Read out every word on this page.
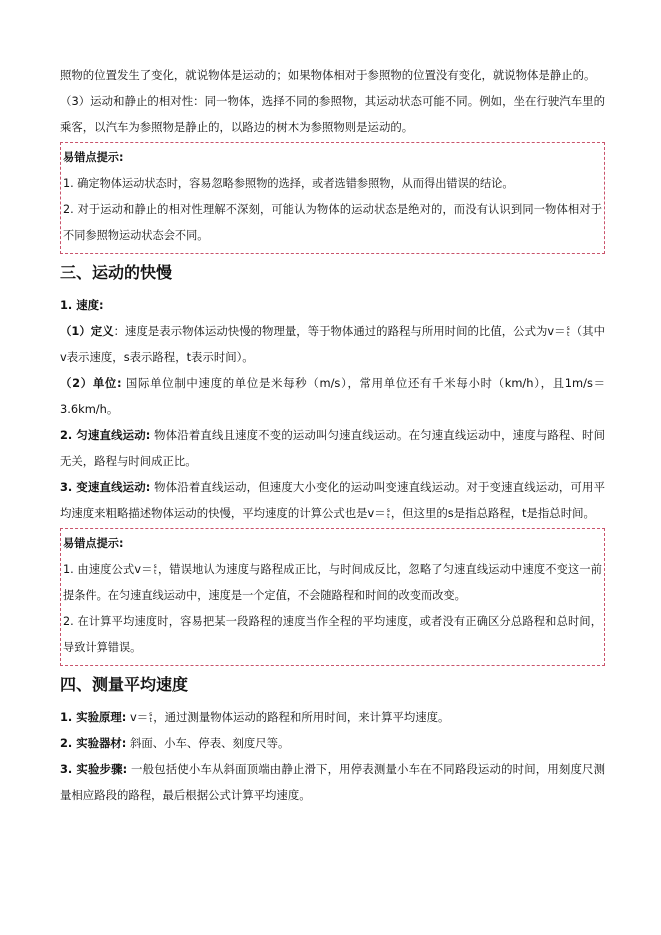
照物的位置发生了变化，就说物体是运动的；如果物体相对于参照物的位置没有变化，就说物体是静止的。

（3）运动和静止的相对性：同一物体，选择不同的参照物，其运动状态可能不同。例如，坐在行驶汽车里的乘客，以汽车为参照物是静止的，以路边的树木为参照物则是运动的。

易错点提示:

1. 确定物体运动状态时，容易忽略参照物的选择，或者选错参照物，从而得出错误的结论。

2. 对于运动和静止的相对性理解不深刻，可能认为物体的运动状态是绝对的，而没有认识到同一物体相对于不同参照物运动状态会不同。

三、运动的快慢

1. 速度:

（1）定义：速度是表示物体运动快慢的物理量，等于物体通过的路程与所用时间的比值，公式为v＝ s
t （其中v表示速度，s表示路程，t表示时间）。

（2）单位: 国际单位制中速度的单位是米每秒（m/s），常用单位还有千米每小时（km/h），且1m/s＝3.6km/h。

2. 匀速直线运动: 物体沿着直线且速度不变的运动叫匀速直线运动。在匀速直线运动中，速度与路程、时间无关，路程与时间成正比。

3. 变速直线运动: 物体沿着直线运动，但速度大小变化的运动叫变速直线运动。对于变速直线运动，可用平均速度来粗略描述物体运动的快慢，平均速度的计算公式也是v＝ s
t ，但这里的s是指总路程，t是指总时间。

易错点提示:

1. 由速度公式v＝ s
t ，错误地认为速度与路程成正比，与时间成反比，忽略了匀速直线运动中速度不变这一前提条件。在匀速直线运动中，速度是一个定值，不会随路程和时间的改变而改变。

2. 在计算平均速度时，容易把某一段路程的速度当作全程的平均速度，或者没有正确区分总路程和总时间，导致计算错误。

四、测量平均速度

1. 实验原理: v＝ s
t ，通过测量物体运动的路程和所用时间，来计算平均速度。

2. 实验器材: 斜面、小车、停表、刻度尺等。

3. 实验步骤: 一般包括使小车从斜面顶端由静止滑下，用停表测量小车在不同路段运动的时间，用刻度尺测量相应路段的路程，最后根据公式计算平均速度。
